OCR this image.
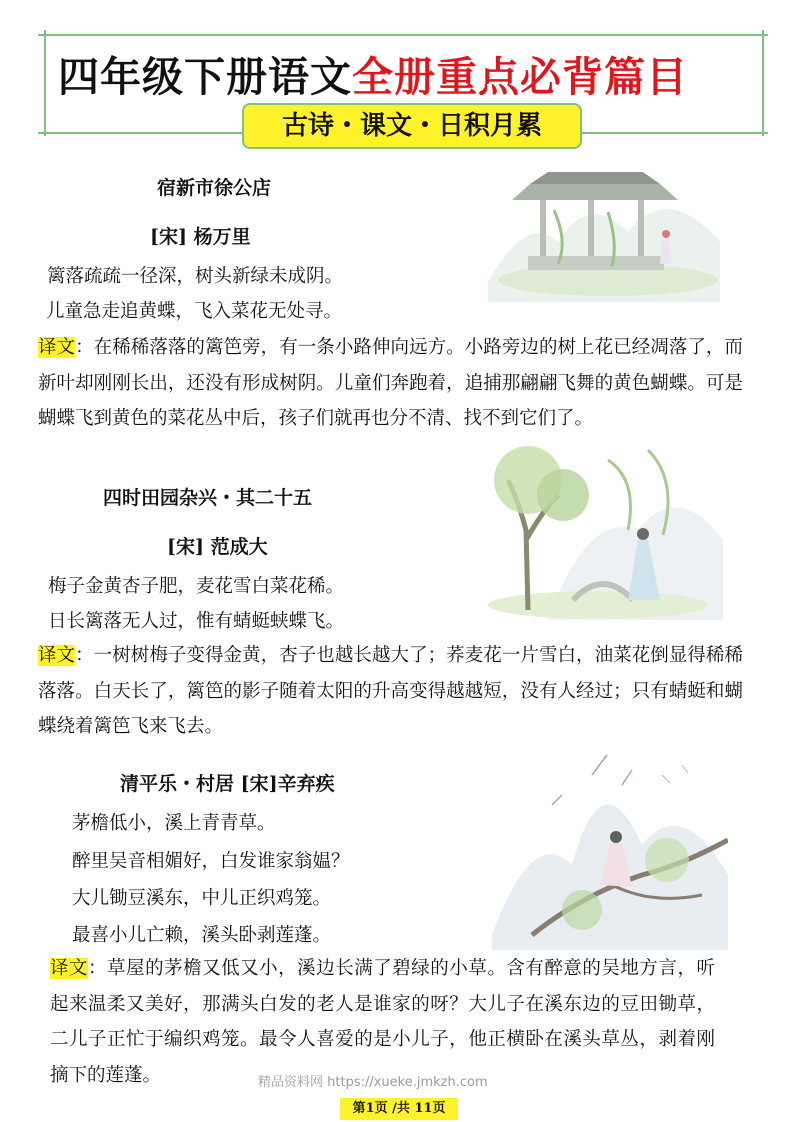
四年级下册语文全册重点必背篇目
古诗・课文・日积月累
宿新市徐公店
[宋] 杨万里
篱落疏疏一径深，树头新绿未成阴。
儿童急走追黄蝶，飞入菜花无处寻。
译文：在稀稀落落的篱笆旁，有一条小路伸向远方。小路旁边的树上花已经凋落了，而新叶却刚刚长出，还没有形成树阴。儿童们奔跑着，追捕那翩翩飞舞的黄色蝴蝶。可是蝴蝶飞到黄色的菜花丛中后，孩子们就再也分不清、找不到它们了。
四时田园杂兴・其二十五
[宋] 范成大
梅子金黄杏子肥，麦花雪白菜花稀。
日长篱落无人过，惟有蜻蜓蛱蝶飞。
译文：一树树梅子变得金黄，杏子也越长越大了；荞麦花一片雪白，油菜花倒显得稀稀落落。白天长了，篱笆的影子随着太阳的升高变得越越短，没有人经过；只有蜻蜓和蝴蝶绕着篱笆飞来飞去。
清平乐・村居 [宋]辛弃疾
茅檐低小，溪上青青草。
醉里吴音相媚好，白发谁家翁媪？
大儿锄豆溪东，中儿正织鸡笼。
最喜小儿亡赖，溪头卧剥莲蓬。
译文：草屋的茅檐又低又小，溪边长满了碧绿的小草。含有醉意的吴地方言，听起来温柔又美好，那满头白发的老人是谁家的呀？大儿子在溪东边的豆田锄草，二儿子正忙于编织鸡笼。最令人喜爱的是小儿子，他正横卧在溪头草丛，剥着刚摘下的莲蓬。	精品资料网 https://xueke.jmkzh.com
第1页 /共 11页
